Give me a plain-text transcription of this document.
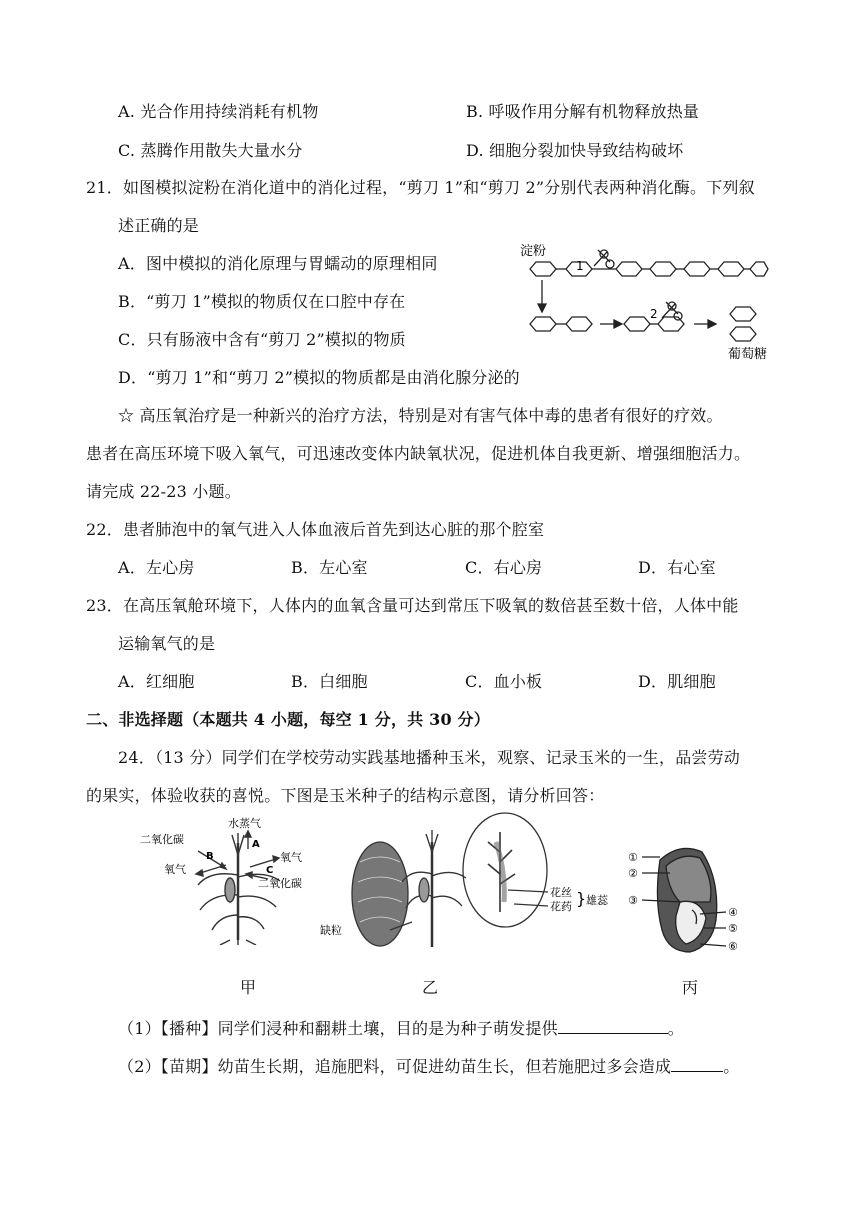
A. 光合作用持续消耗有机物	B. 呼吸作用分解有机物释放热量
C. 蒸腾作用散失大量水分	D. 细胞分裂加快导致结构破坏
21．如图模拟淀粉在消化道中的消化过程，“剪刀 1”和“剪刀 2”分别代表两种消化酶。下列叙
述正确的是
A．图中模拟的消化原理与胃蠕动的原理相同
B．“剪刀 1”模拟的物质仅在口腔中存在
C．只有肠液中含有“剪刀 2”模拟的物质
D．“剪刀 1”和“剪刀 2”模拟的物质都是由消化腺分泌的
淀粉
1
2
葡萄糖
☆ 高压氧治疗是一种新兴的治疗方法，特别是对有害气体中毒的患者有很好的疗效。
患者在高压环境下吸入氧气，可迅速改变体内缺氧状况，促进机体自我更新、增强细胞活力。
请完成 22-23 小题。
22．患者肺泡中的氧气进入人体血液后首先到达心脏的那个腔室
A．左心房	B．左心室	C．右心房	D．右心室
23．在高压氧舱环境下，人体内的血氧含量可达到常压下吸氧的数倍甚至数十倍，人体中能
运输氧气的是
A．红细胞	B．白细胞	C．血小板	D．肌细胞
二、非选择题（本题共 4 小题，每空 1 分，共 30 分）
24．（13 分）同学们在学校劳动实践基地播种玉米，观察、记录玉米的一生，品尝劳动
的果实，体验收获的喜悦。下图是玉米种子的结构示意图，请分析回答：
水蒸气
二氧化碳
氧气
氧气
二氧化碳
A
B
C
缺粒
花丝
花药 } 雄蕊
①
②
③
④
⑤
⑥
甲	乙	丙
（1）【播种】同学们浸种和翻耕土壤，目的是为种子萌发提供	。
（2）【苗期】幼苗生长期，追施肥料，可促进幼苗生长，但若施肥过多会造成	。
